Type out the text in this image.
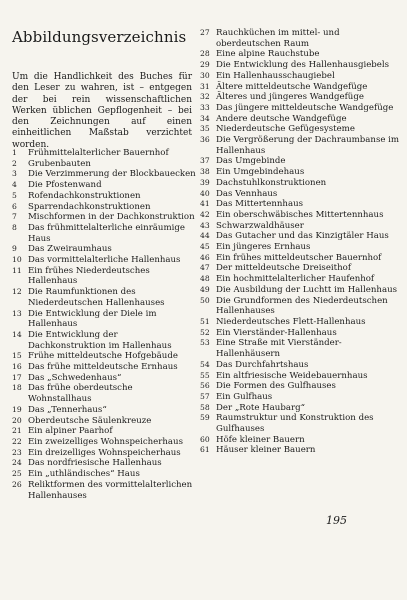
Abbildungsverzeichnis
Um die Handlichkeit des Buches für den Leser zu wahren, ist – entgegen der bei rein wissenschaftlichen Werken üblichen Gepflogenheit – bei den Zeichnungen auf einen einheitlichen Maßstab verzichtet worden.
1	Frühmittelalterlicher Bauernhof
2	Grubenbauten
3	Die Verzimmerung der Blockbauecken
4	Die Pfostenwand
5	Rofendachkonstruktionen
6	Sparrendachkonstruktionen
7	Mischformen in der Dachkonstruktion
8	Das frühmittelalterliche einräumige Haus
9	Das Zweiraumhaus
10 Das vormittelalterliche Hallenhaus
11 Ein frühes Niederdeutsches Hallenhaus
12 Die Raumfunktionen des Niederdeutschen Hallenhauses
13 Die Entwicklung der Diele im Hallenhaus
14 Die Entwicklung der Dachkonstruktion im Hallenhaus
15 Frühe mitteldeutsche Hofgebäude
16 Das frühe mitteldeutsche Ernhaus
17 Das „Schwedenhaus“
18 Das frühe oberdeutsche Wohnstallhaus
19 Das „Tennerhaus“
20 Oberdeutsche Säulenkreuze
21 Ein alpiner Paarhof
22 Ein zweizelliges Wohnspeicherhaus
23 Ein dreizelliges Wohnspeicherhaus
24 Das nordfriesische Hallenhaus
25 Ein „uthländisches“ Haus
26 Reliktformen des vormittelalterlichen Hallenhauses
27 Rauchküchen im mittel- und oberdeutschen Raum
28 Eine alpine Rauchstube
29 Die Entwicklung des Hallenhausgiebels
30 Ein Hallenhausschaugiebel
31 Ältere mitteldeutsche Wandgefüge
32 Älteres und jüngeres Wandgefüge
33 Das jüngere mitteldeutsche Wandgefüge
34 Andere deutsche Wandgefüge
35 Niederdeutsche Gefügesysteme
36 Die Vergrößerung der Dachraumbanse im Hallenhaus
37 Das Umgebinde
38 Ein Umgebindehaus
39 Dachstuhlkonstruktionen
40 Das Vennhaus
41 Das Mittertennhaus
42 Ein oberschwäbisches Mittertennhaus
43 Schwarzwaldhäuser
44 Das Gutacher und das Kinzigtäler Haus
45 Ein jüngeres Ernhaus
46 Ein frühes mitteldeutscher Bauernhof
47 Der mitteldeutsche Dreiseithof
48 Ein hochmittelalterlicher Haufenhof
49 Die Ausbildung der Luchtt im Hallenhaus
50 Die Grundformen des Niederdeutschen Hallenhauses
51 Niederdeutsches Flett-Hallenhaus
52 Ein Vierständer-Hallenhaus
53 Eine Straße mit Vierständer-Hallenhäusern
54 Das Durchfahrtshaus
55 Ein altfriesische Weidebauernhaus
56 Die Formen des Gulfhauses
57 Ein Gulfhaus
58 Der „Rote Haubarg“
59 Raumstruktur und Konstruktion des Gulfhauses
60 Höfe kleiner Bauern
61 Häuser kleiner Bauern
195
